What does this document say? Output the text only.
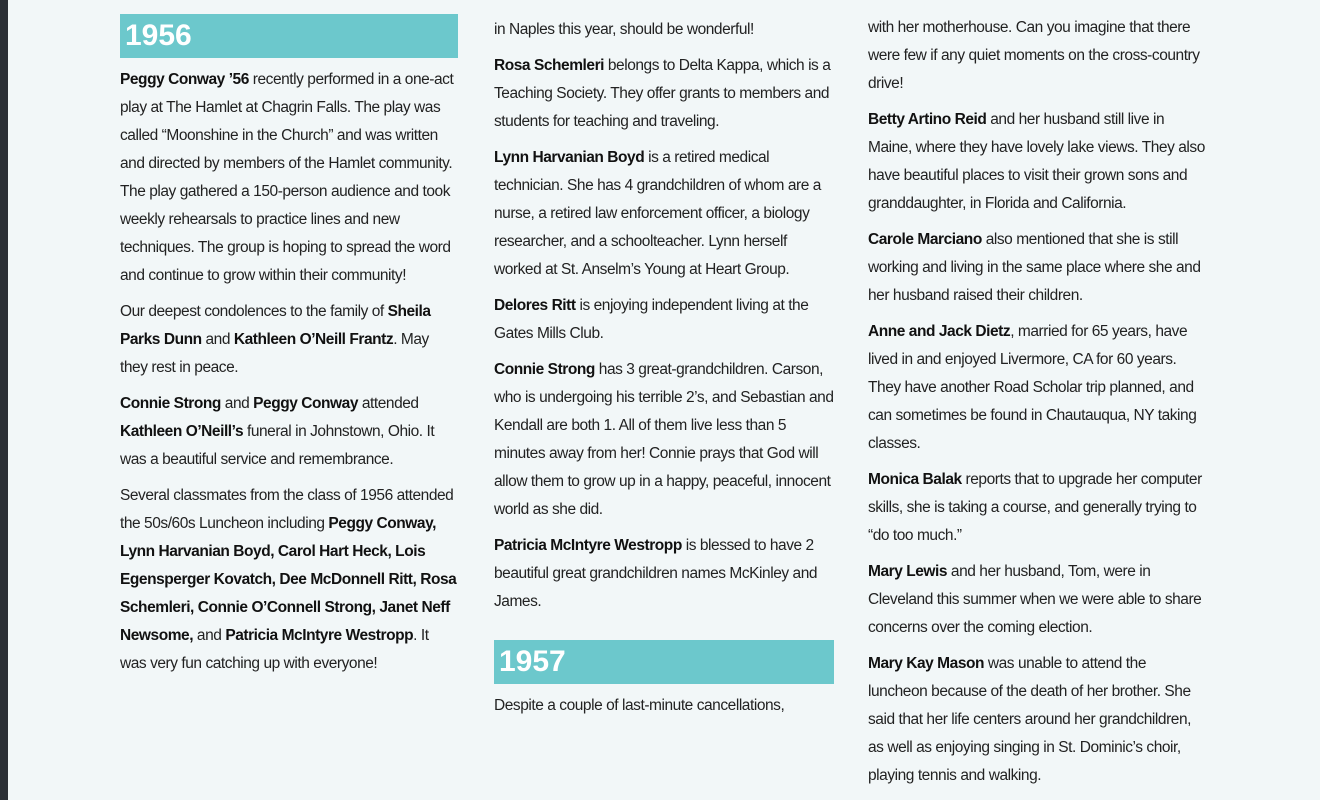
1956

Peggy Conway ’56 recently performed in a one-act play at The Hamlet at Chagrin Falls. The play was called “Moonshine in the Church” and was written and directed by members of the Hamlet community. The play gathered a 150-person audience and took weekly rehearsals to practice lines and new techniques. The group is hoping to spread the word and continue to grow within their community!

Our deepest condolences to the family of Sheila Parks Dunn and Kathleen O’Neill Frantz. May they rest in peace.

Connie Strong and Peggy Conway attended Kathleen O’Neill’s funeral in Johnstown, Ohio. It was a beautiful service and remembrance.

Several classmates from the class of 1956 attended the 50s/60s Luncheon including Peggy Conway, Lynn Harvanian Boyd, Carol Hart Heck, Lois Egensperger Kovatch, Dee McDonnell Ritt, Rosa Schemleri, Connie O’Connell Strong, Janet Neff Newsome, and Patricia McIntyre Westropp. It was very fun catching up with everyone!

in Naples this year, should be wonderful!

Rosa Schemleri belongs to Delta Kappa, which is a Teaching Society. They offer grants to members and students for teaching and traveling.

Lynn Harvanian Boyd is a retired medical technician. She has 4 grandchildren of whom are a nurse, a retired law enforcement officer, a biology researcher, and a schoolteacher. Lynn herself worked at St. Anselm’s Young at Heart Group.

Delores Ritt is enjoying independent living at the Gates Mills Club.

Connie Strong has 3 great-grandchildren. Carson, who is undergoing his terrible 2’s, and Sebastian and Kendall are both 1. All of them live less than 5 minutes away from her! Connie prays that God will allow them to grow up in a happy, peaceful, innocent world as she did.

Patricia McIntyre Westropp is blessed to have 2 beautiful great grandchildren names McKinley and James.

1957

Despite a couple of last-minute cancellations,

with her motherhouse. Can you imagine that there were few if any quiet moments on the cross-country drive!

Betty Artino Reid and her husband still live in Maine, where they have lovely lake views. They also have beautiful places to visit their grown sons and granddaughter, in Florida and California.

Carole Marciano also mentioned that she is still working and living in the same place where she and her husband raised their children.

Anne and Jack Dietz, married for 65 years, have lived in and enjoyed Livermore, CA for 60 years. They have another Road Scholar trip planned, and can sometimes be found in Chautauqua, NY taking classes.

Monica Balak reports that to upgrade her computer skills, she is taking a course, and generally trying to “do too much.”

Mary Lewis and her husband, Tom, were in Cleveland this summer when we were able to share concerns over the coming election.

Mary Kay Mason was unable to attend the luncheon because of the death of her brother. She said that her life centers around her grandchildren, as well as enjoying singing in St. Dominic’s choir, playing tennis and walking.
